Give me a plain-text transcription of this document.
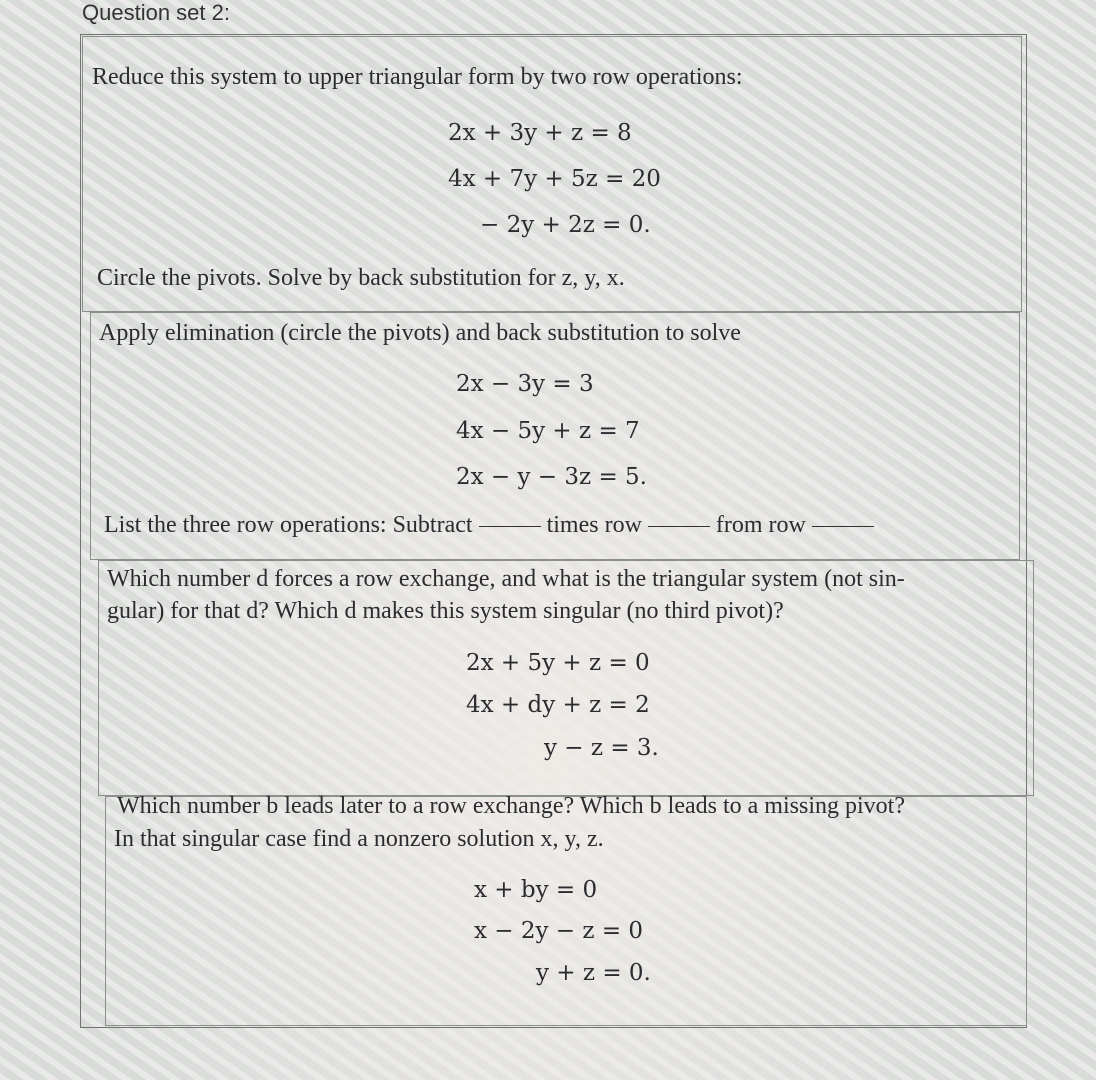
Question set 2:
Reduce this system to upper triangular form by two row operations:
2x + 3y + z = 8
4x + 7y + 5z = 20
− 2y + 2z = 0.
Circle the pivots. Solve by back substitution for z, y, x.
Apply elimination (circle the pivots) and back substitution to solve
2x − 3y = 3
4x − 5y + z = 7
2x − y − 3z = 5.
List the three row operations: Subtract	times row	from row
Which number d forces a row exchange, and what is the triangular system (not sin-
gular) for that d? Which d makes this system singular (no third pivot)?
2x + 5y + z = 0
4x + dy + z = 2
y − z = 3.
Which number b leads later to a row exchange? Which b leads to a missing pivot?
In that singular case find a nonzero solution x, y, z.
x + by = 0
x − 2y − z = 0
y + z = 0.
